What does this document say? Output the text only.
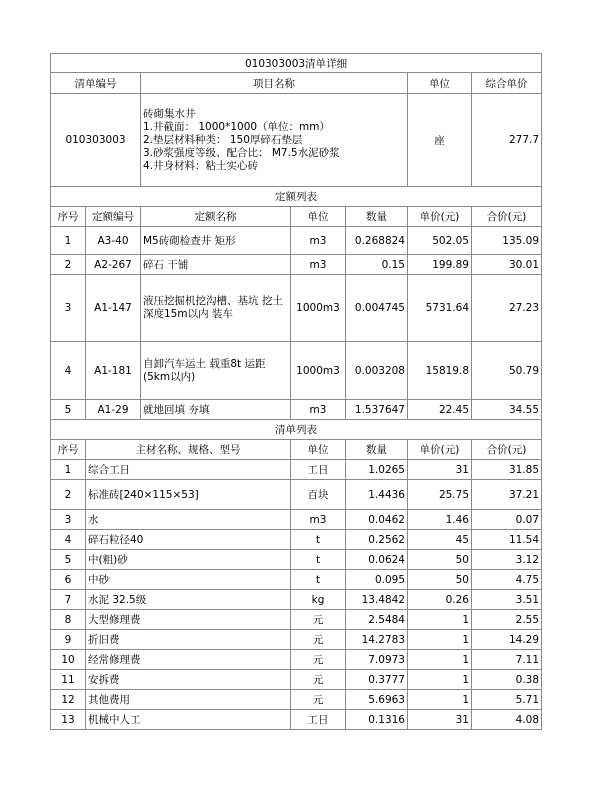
010303003清单详细						
清单编号		项目名称			单位	综合单价
010303003		砖砌集水井
1.井截面： 1000*1000（单位：mm）
2.垫层材料种类： 150厚碎石垫层
3.砂浆强度等级、配合比： M7.5水泥砂浆
4.井身材料：粘土实心砖			座	277.7
定额列表						
序号	定额编号	定额名称	单位	数量	单价(元)	合价(元)
1	A3-40	M5砖砌检查井 矩形	m3	0.268824	502.05	135.09
2	A2-267	碎石 干铺	m3	0.15	199.89	30.01
3	A1-147	液压挖掘机挖沟槽、基坑 挖土深度15m以内 装车	1000m3	0.004745	5731.64	27.23
4	A1-181	自卸汽车运土 载重8t 运距(5km以内)	1000m3	0.003208	15819.8	50.79
5	A1-29	就地回填 夯填	m3	1.537647	22.45	34.55
清单列表						
序号	主材名称、规格、型号		单位	数量	单价(元)	合价(元)
1	综合工日		工日	1.0265	31	31.85
2	标准砖[240×115×53]		百块	1.4436	25.75	37.21
3	水		m3	0.0462	1.46	0.07
4	碎石粒径40		t	0.2562	45	11.54
5	中(粗)砂		t	0.0624	50	3.12
6	中砂		t	0.095	50	4.75
7	水泥 32.5级		kg	13.4842	0.26	3.51
8	大型修理费		元	2.5484	1	2.55
9	折旧费		元	14.2783	1	14.29
10	经常修理费		元	7.0973	1	7.11
11	安拆费		元	0.3777	1	0.38
12	其他费用		元	5.6963	1	5.71
13	机械中人工		工日	0.1316	31	4.08
